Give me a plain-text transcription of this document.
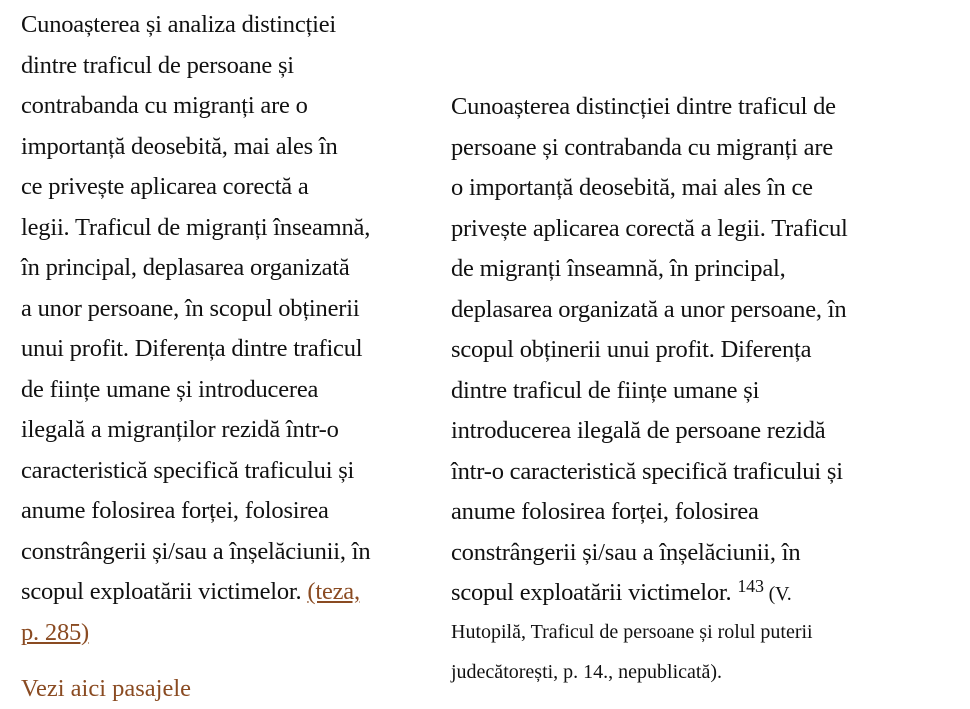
Cunoașterea și analiza distincției
dintre traficul de persoane și
contrabanda cu migranți are o
importanță deosebită, mai ales în
ce privește aplicarea corectă a
legii. Traficul de migranți înseamnă,
în principal, deplasarea organizată
a unor persoane, în scopul obținerii
unui profit. Diferența dintre traficul
de ființe umane și introducerea
ilegală a migranților rezidă într-o
caracteristică specifică traficului și
anume folosirea forței, folosirea
constrângerii și/sau a înșelăciunii, în
scopul exploatării victimelor. (teza,
p. 285)
Cunoașterea distincției dintre traficul de
persoane și contrabanda cu migranți are
o importanță deosebită, mai ales în ce
privește aplicarea corectă a legii. Traficul
de migranți înseamnă, în principal,
deplasarea organizată a unor persoane, în
scopul obținerii unui profit. Diferența
dintre traficul de ființe umane și
introducerea ilegală de persoane rezidă
într-o caracteristică specifică traficului și
anume folosirea forței, folosirea
constrângerii și/sau a înșelăciunii, în
scopul exploatării victimelor. $^{143}$ (V.
Hutopilă, Traficul de persoane și rolul puterii
judecătorești, p. 14., nepublicată).
Vezi aici pasajele
